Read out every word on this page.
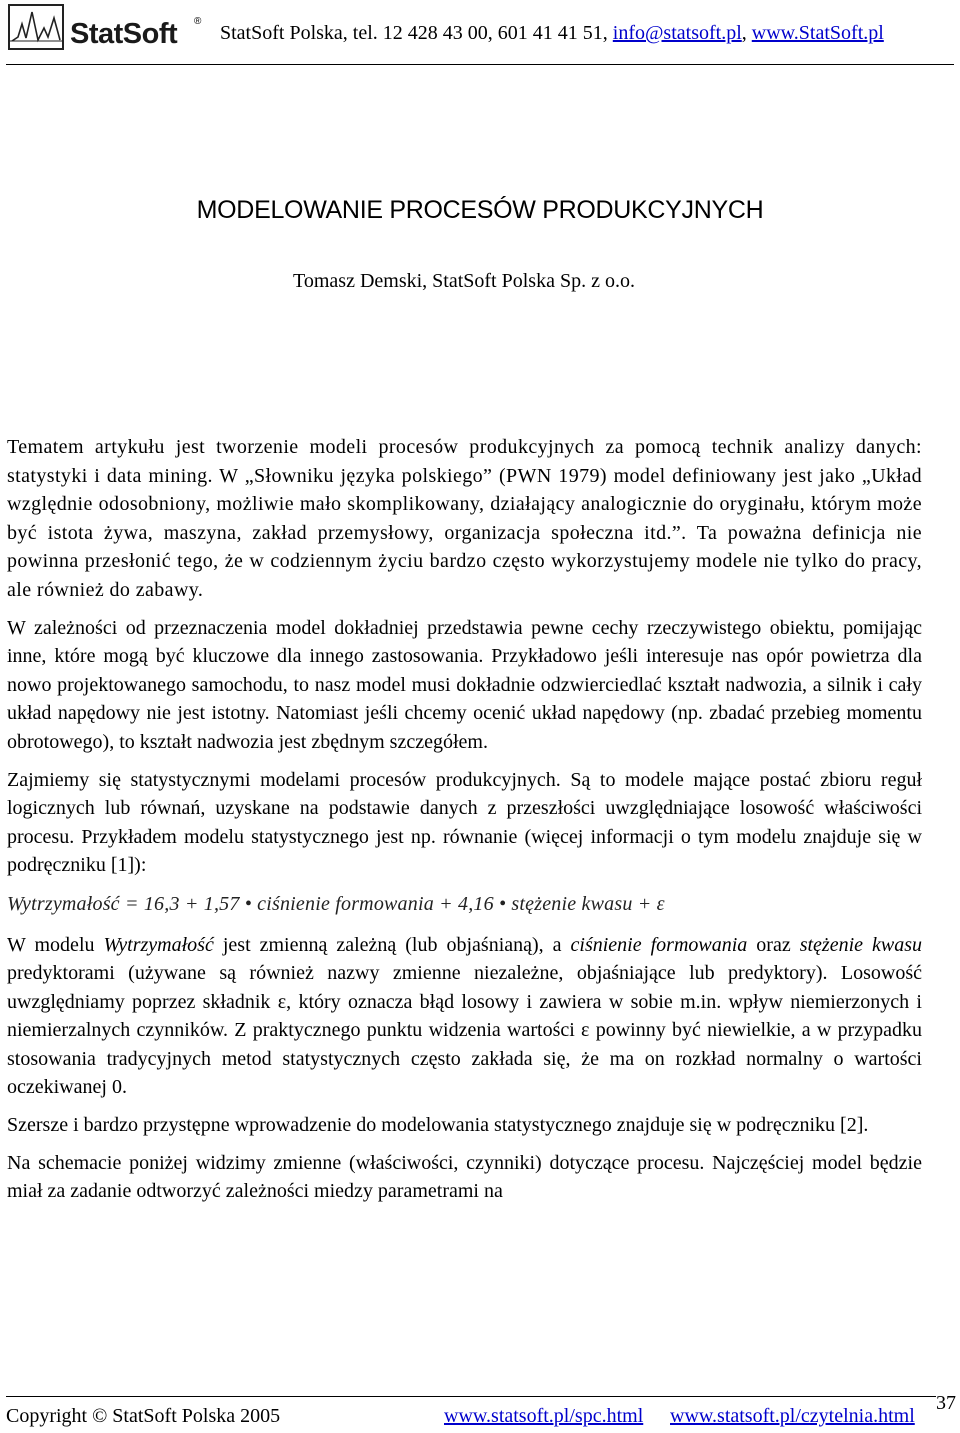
StatSoft ®
StatSoft Polska, tel. 12 428 43 00, 601 41 41 51, info@statsoft.pl, www.StatSoft.pl
MODELOWANIE PROCESÓW PRODUKCYJNYCH
Tomasz Demski, StatSoft Polska Sp. z o.o.

Tematem artykułu jest tworzenie modeli procesów produkcyjnych za pomocą technik analizy danych: statystyki i data mining. W „Słowniku języka polskiego” (PWN 1979) model definiowany jest jako „Układ względnie odosobniony, możliwie mało skomplikowany, działający analogicznie do oryginału, którym może być istota żywa, maszyna, zakład przemysłowy, organizacja społeczna itd.”. Ta poważna definicja nie powinna przesłonić tego, że w codziennym życiu bardzo często wykorzystujemy modele nie tylko do pracy, ale również do zabawy.

W zależności od przeznaczenia model dokładniej przedstawia pewne cechy rzeczywistego obiektu, pomijając inne, które mogą być kluczowe dla innego zastosowania. Przykładowo jeśli interesuje nas opór powietrza dla nowo projektowanego samochodu, to nasz model musi dokładnie odzwierciedlać kształt nadwozia, a silnik i cały układ napędowy nie jest istotny. Natomiast jeśli chcemy ocenić układ napędowy (np. zbadać przebieg momentu obrotowego), to kształt nadwozia jest zbędnym szczegółem.

Zajmiemy się statystycznymi modelami procesów produkcyjnych. Są to modele mające postać zbioru reguł logicznych lub równań, uzyskane na podstawie danych z przeszłości uwzględniające losowość właściwości procesu. Przykładem modelu statystycznego jest np. równanie (więcej informacji o tym modelu znajduje się w podręczniku [1]):

Wytrzymałość = 16,3 + 1,57 • ciśnienie formowania + 4,16 • stężenie kwasu + ε

W modelu Wytrzymałość jest zmienną zależną (lub objaśnianą), a ciśnienie formowania oraz stężenie kwasu predyktorami (używane są również nazwy zmienne niezależne, objaśniające lub predyktory). Losowość uwzględniamy poprzez składnik ε, który oznacza błąd losowy i zawiera w sobie m.in. wpływ niemierzonych i niemierzalnych czynników. Z praktycznego punktu widzenia wartości ε powinny być niewielkie, a w przypadku stosowania tradycyjnych metod statystycznych często zakłada się, że ma on rozkład normalny o wartości oczekiwanej 0.

Szersze i bardzo przystępne wprowadzenie do modelowania statystycznego znajduje się w podręczniku [2].

Na schemacie poniżej widzimy zmienne (właściwości, czynniki) dotyczące procesu. Najczęściej model będzie miał za zadanie odtworzyć zależności miedzy parametrami na

Copyright © StatSoft Polska 2005	www.statsoft.pl/spc.html www.statsoft.pl/czytelnia.html
37
